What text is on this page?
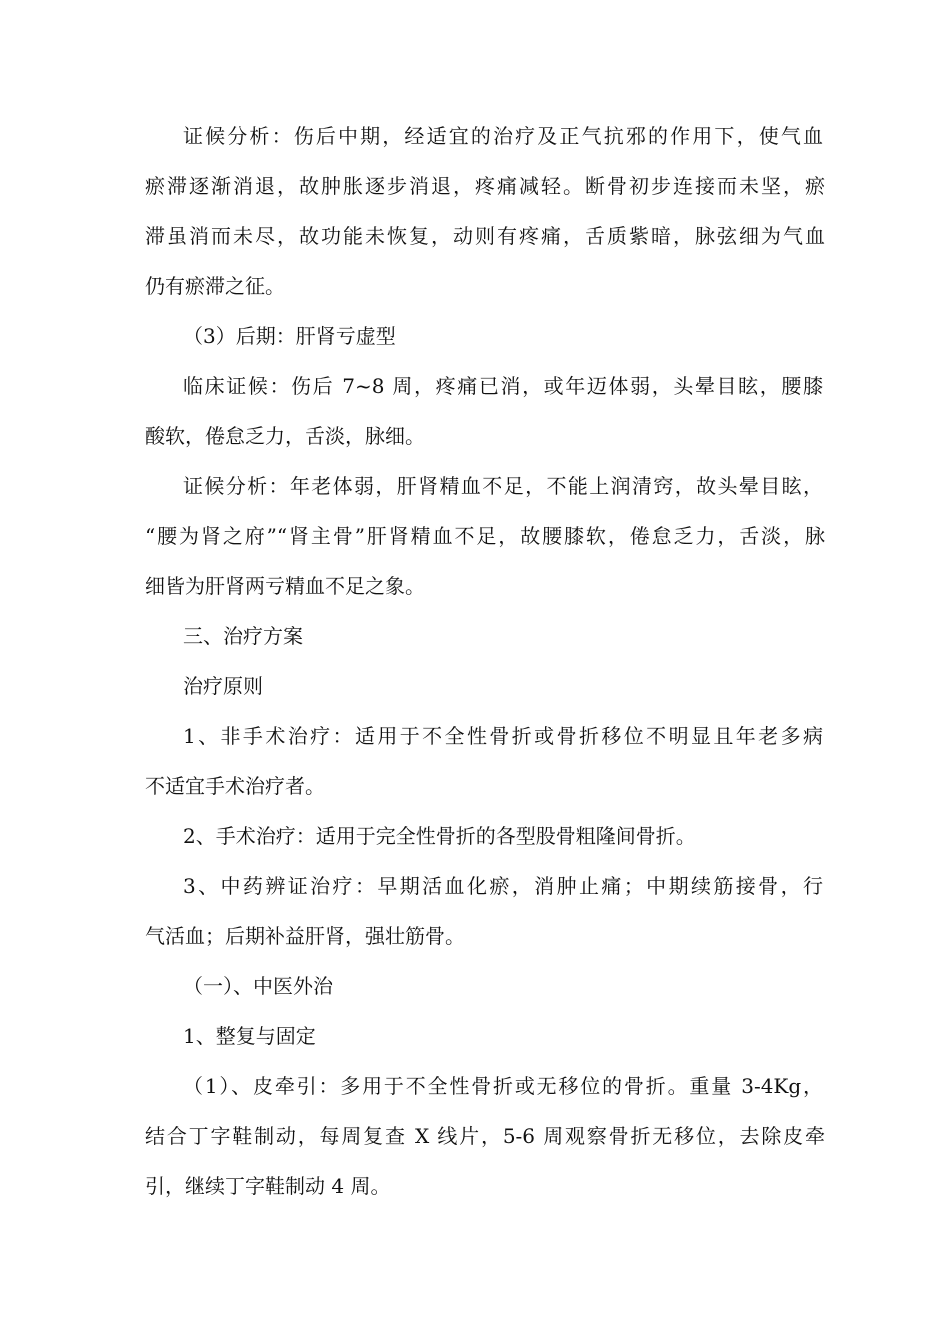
证候分析：伤后中期，经适宜的治疗及正气抗邪的作用下，使气血
瘀滞逐渐消退，故肿胀逐步消退，疼痛减轻。断骨初步连接而未坚，瘀
滞虽消而未尽，故功能未恢复，动则有疼痛，舌质紫暗，脉弦细为气血
仍有瘀滞之征。
（3）后期：肝肾亏虚型
临床证候：伤后 7~8 周，疼痛已消，或年迈体弱，头晕目眩，腰膝
酸软，倦怠乏力，舌淡，脉细。
证候分析：年老体弱，肝肾精血不足，不能上润清窍，故头晕目眩，
“腰为肾之府”“肾主骨”肝肾精血不足，故腰膝软，倦怠乏力，舌淡，脉
细皆为肝肾两亏精血不足之象。
三、治疗方案
治疗原则
1、非手术治疗：适用于不全性骨折或骨折移位不明显且年老多病
不适宜手术治疗者。
2、手术治疗：适用于完全性骨折的各型股骨粗隆间骨折。
3、中药辨证治疗：早期活血化瘀，消肿止痛；中期续筋接骨，行
气活血；后期补益肝肾，强壮筋骨。
（一）、中医外治
1、整复与固定
（1）、皮牵引：多用于不全性骨折或无移位的骨折。重量 3-4Kg，
结合丁字鞋制动，每周复查 X 线片，5-6 周观察骨折无移位，去除皮牵
引，继续丁字鞋制动 4 周。
